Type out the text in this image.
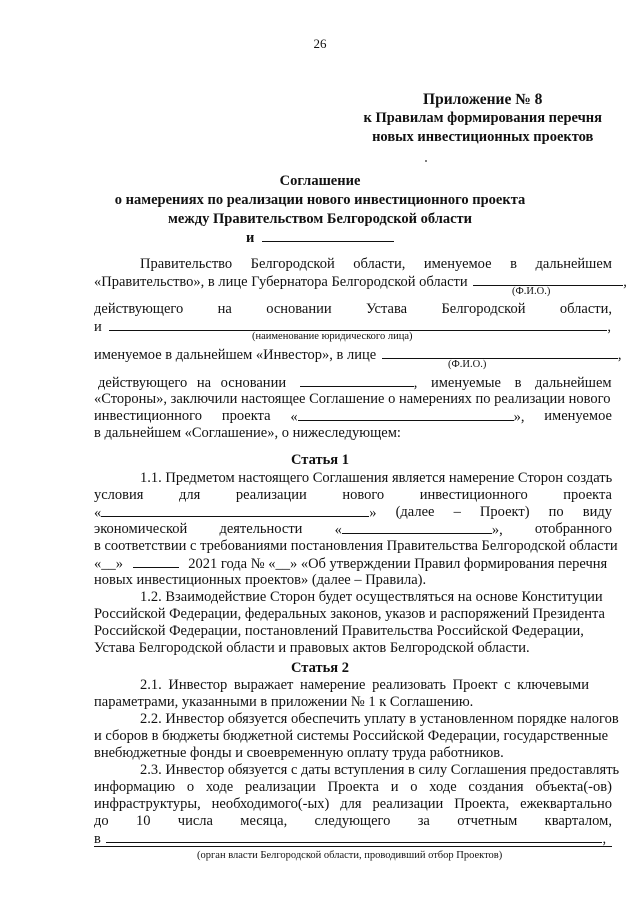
26
Приложение № 8
к Правилам формирования перечня
новых инвестиционных проектов
Соглашение
о намерениях по реализации нового инвестиционного проекта
между Правительством Белгородской области
и
Правительство Белгородской области, именуемое в дальнейшем
«Правительство», в лице Губернатора Белгородской области	,
(Ф.И.О.)
действующего на основании Устава Белгородской области,
и	,
(наименование юридического лица)
именуемое в дальнейшем «Инвестор», в лице	,
(Ф.И.О.)
действующего на основании	, именуемые в дальнейшем
«Стороны», заключили настоящее Соглашение о намерениях по реализации нового
инвестиционного проекта «	», именуемое
в дальнейшем «Соглашение», о нижеследующем:
Статья 1
1.1. Предметом настоящего Соглашения является намерение Сторон создать
условия для реализации нового инвестиционного проекта
«	» (далее – Проект) по виду
экономической деятельности «	», отобранного
в соответствии с требованиями постановления Правительства Белгородской области
«__»	2021 года № «__» «Об утверждении Правил формирования перечня
новых инвестиционных проектов» (далее – Правила).
1.2. Взаимодействие Сторон будет осуществляться на основе Конституции
Российской Федерации, федеральных законов, указов и распоряжений Президента
Российской Федерации, постановлений Правительства Российской Федерации,
Устава Белгородской области и правовых актов Белгородской области.
Статья 2
2.1. Инвестор выражает намерение реализовать Проект с ключевыми
параметрами, указанными в приложении № 1 к Соглашению.
2.2. Инвестор обязуется обеспечить уплату в установленном порядке налогов
и сборов в бюджеты бюджетной системы Российской Федерации, государственные
внебюджетные фонды и своевременную оплату труда работников.
2.3. Инвестор обязуется с даты вступления в силу Соглашения предоставлять
информацию о ходе реализации Проекта и о ходе создания объекта(-ов)
инфраструктуры, необходимого(-ых) для реализации Проекта, ежеквартально
до 10 числа месяца, следующего за отчетным кварталом,
в	,
(орган власти Белгородской области, проводивший отбор Проектов)
